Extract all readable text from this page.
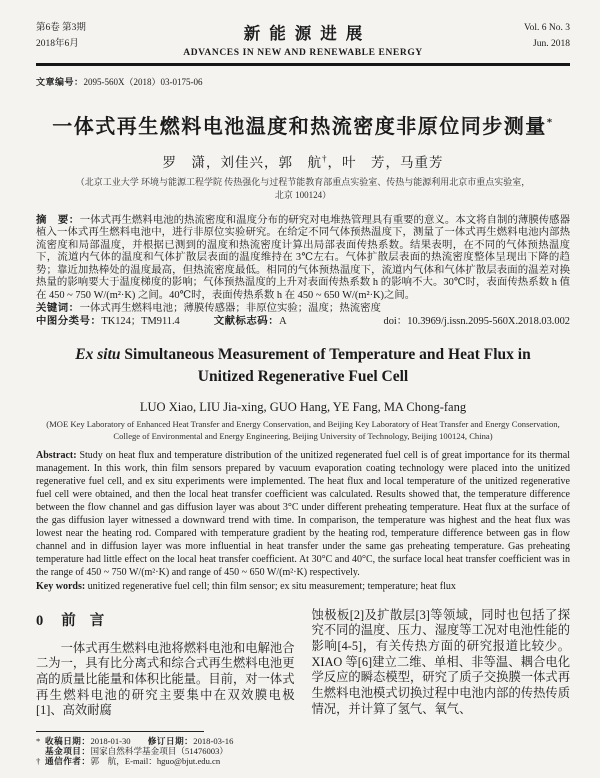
第6卷 第3期
2018年6月
新能源进展
ADVANCES IN NEW AND RENEWABLE ENERGY
Vol. 6 No. 3
Jun. 2018
文章编号：2095-560X（2018）03-0175-06
一体式再生燃料电池温度和热流密度非原位同步测量*
罗　潇，刘佳兴，郭　航†，叶　芳，马重芳
（北京工业大学 环境与能源工程学院 传热强化与过程节能教育部重点实验室、传热与能源利用北京市重点实验室，
北京 100124）

摘　要：一体式再生燃料电池的热流密度和温度分布的研究对电堆热管理具有重要的意义。本文将自制的薄膜传感器植入一体式再生燃料电池中，进行非原位实验研究。在给定不同气体预热温度下，测量了一体式再生燃料电池内部热流密度和局部温度，并根据已测到的温度和热流密度计算出局部表面传热系数。结果表明，在不同的气体预热温度下，流道内气体的温度和气体扩散层表面的温度维持在 3℃左右。气体扩散层表面的热流密度整体呈现出下降的趋势；靠近加热棒处的温度最高，但热流密度最低。相同的气体预热温度下，流道内气体和气体扩散层表面的温差对换热量的影响要大于温度梯度的影响；气体预热温度的上升对表面传热系数 h 的影响不大。30℃时，表面传热系数 h 值在 450 ~ 750 W/(m²·K) 之间。40℃时，表面传热系数 h 在 450 ~ 650 W/(m²·K)之间。

关键词：一体式再生燃料电池；薄膜传感器；非原位实验；温度；热流密度

中图分类号：TK124；TM911.4	文献标志码：A	doi：10.3969/j.issn.2095-560X.2018.03.002

Ex situ Simultaneous Measurement of Temperature and Heat Flux in Unitized Regenerative Fuel Cell
LUO Xiao, LIU Jia-xing, GUO Hang, YE Fang, MA Chong-fang
(MOE Key Laboratory of Enhanced Heat Transfer and Energy Conservation, and Beijing Key Laboratory of Heat Transfer and Energy Conservation, College of Environmental and Energy Engineering, Beijing University of Technology, Beijing 100124, China)

Abstract: Study on heat flux and temperature distribution of the unitized regenerated fuel cell is of great importance for its thermal management. In this work, thin film sensors prepared by vacuum evaporation coating technology were placed into the unitized regenerative fuel cell, and ex situ experiments were implemented. The heat flux and local temperature of the unitized regenerative fuel cell were obtained, and then the local heat transfer coefficient was calculated. Results showed that, the temperature difference between the flow channel and gas diffusion layer was about 3°C under different preheating temperature. Heat flux at the surface of the gas diffusion layer witnessed a downward trend with time. In comparison, the temperature was highest and the heat flux was lowest near the heating rod. Compared with temperature gradient by the heating rod, temperature difference between gas in flow channel and in diffusion layer was more influential in heat transfer under the same gas preheating temperature. Gas preheating temperature had little effect on the local heat transfer coefficient. At 30°C and 40°C, the surface local heat transfer coefficient was in the range of 450 ~ 750 W/(m²·K) and range of 450 ~ 650 W/(m²·K) respectively.

Key words: unitized regenerative fuel cell; thin film sensor; ex situ measurement; temperature; heat flux

0 前言

一体式再生燃料电池将燃料电池和电解池合二为一，具有比分离式和综合式再生燃料电池更高的质量比能量和体积比能量。目前，对一体式再生燃料电池的研究主要集中在双效膜电极[1]、高效耐腐

* 收稿日期：2018-01-30　　 修订日期：2018-03-16
基金项目：国家自然科学基金项目（51476003）
† 通信作者：郭　航，E-mail：hguo@bjut.edu.cn

蚀极板[2]及扩散层[3]等领域，同时也包括了探究不同的温度、压力、湿度等工况对电池性能的影响[4-5]，有关传热方面的研究报道比较少。XIAO 等[6]建立二维、单相、非等温、耦合电化学反应的瞬态模型，研究了质子交换膜一体式再生燃料电池模式切换过程中电池内部的传热传质情况，并计算了氢气、氧气、
